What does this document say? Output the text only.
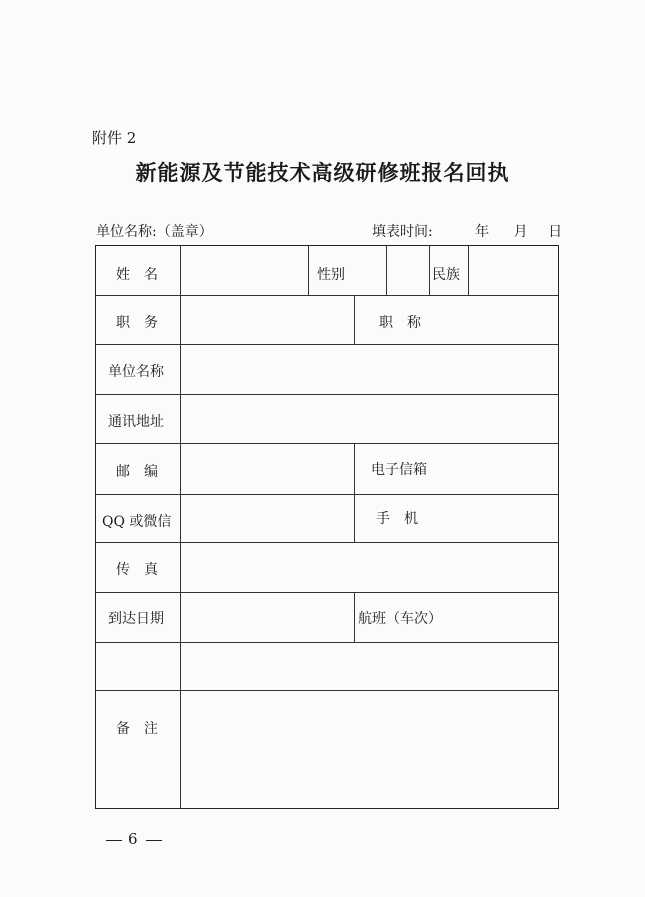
附件 2
新能源及节能技术高级研修班报名回执
单位名称:（盖章）	填表时间:	年 月 日
姓　名	性别	民族
职　务	职　称
单位名称
通讯地址
邮　编	电子信箱
QQ 或微信	手　机
传　真
到达日期	航班（车次）
备　注
6
